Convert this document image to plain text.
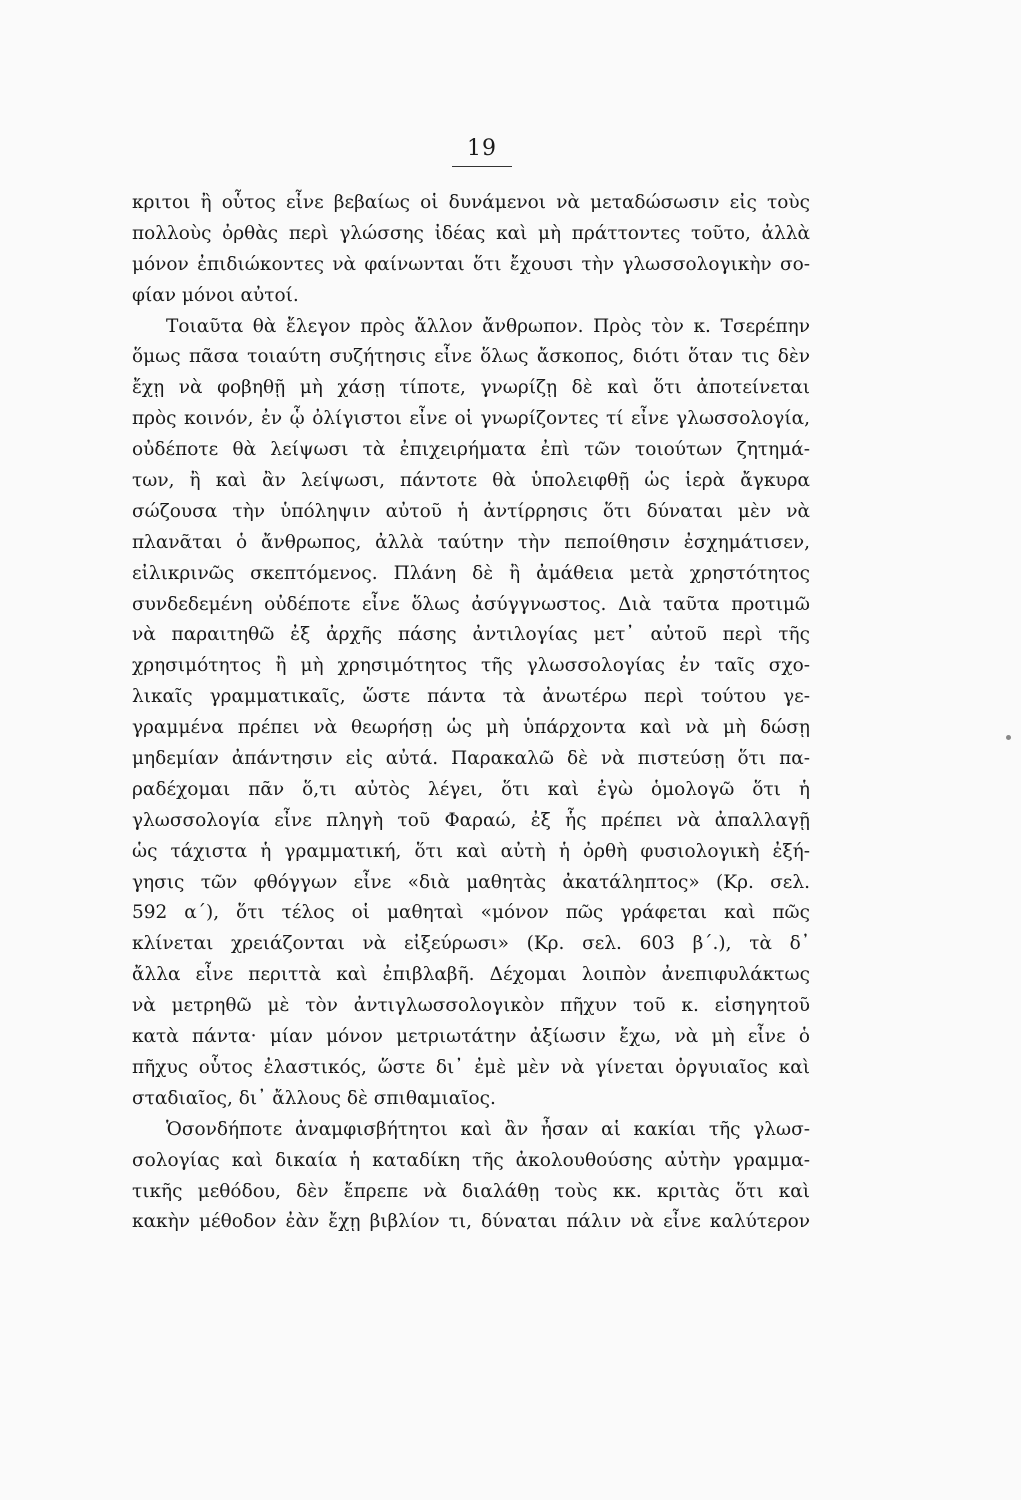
19
κριτοι ἢ οὗτος εἶνε βεβαίως οἱ δυνάμενοι νὰ μεταδώσωσιν εἰς τοὺς
πολλοὺς ὀρθὰς περὶ γλώσσης ἰδέας καὶ μὴ πράττοντες τοῦτο, ἀλλὰ
μόνον ἐπιδιώκοντες νὰ φαίνωνται ὅτι ἔχουσι τὴν γλωσσολογικὴν σο-
φίαν μόνοι αὐτοί.
Τοιαῦτα θὰ ἔλεγον πρὸς ἄλλον ἄνθρωπον. Πρὸς τὸν κ. Τσερέπην
ὅμως πᾶσα τοιαύτη συζήτησις εἶνε ὅλως ἄσκοπος, διότι ὅταν τις δὲν
ἔχῃ νὰ φοβηθῇ μὴ χάσῃ τίποτε, γνωρίζῃ δὲ καὶ ὅτι ἀποτείνεται
πρὸς κοινόν, ἐν ᾧ ὀλίγιστοι εἶνε οἱ γνωρίζοντες τί εἶνε γλωσσολογία,
οὐδέποτε θὰ λείψωσι τὰ ἐπιχειρήματα ἐπὶ τῶν τοιούτων ζητημά-
των, ἢ καὶ ἂν λείψωσι, πάντοτε θὰ ὑπολειφθῇ ὡς ἱερὰ ἄγκυρα
σώζουσα τὴν ὑπόληψιν αὐτοῦ ἡ ἀντίρρησις ὅτι δύναται μὲν νὰ
πλανᾶται ὁ ἄνθρωπος, ἀλλὰ ταύτην τὴν πεποίθησιν ἐσχημάτισεν,
εἰλικρινῶς σκεπτόμενος. Πλάνη δὲ ἢ ἀμάθεια μετὰ χρηστότητος
συνδεδεμένη οὐδέποτε εἶνε ὅλως ἀσύγγνωστος. Διὰ ταῦτα προτιμῶ
νὰ παραιτηθῶ ἐξ ἀρχῆς πάσης ἀντιλογίας μετ᾽ αὐτοῦ περὶ τῆς
χρησιμότητος ἢ μὴ χρησιμότητος τῆς γλωσσολογίας ἐν ταῖς σχο-
λικαῖς γραμματικαῖς, ὥστε πάντα τὰ ἀνωτέρω περὶ τούτου γε-
γραμμένα πρέπει νὰ θεωρήσῃ ὡς μὴ ὑπάρχοντα καὶ νὰ μὴ δώσῃ
μηδεμίαν ἀπάντησιν εἰς αὐτά. Παρακαλῶ δὲ νὰ πιστεύσῃ ὅτι πα-
ραδέχομαι πᾶν ὅ,τι αὐτὸς λέγει, ὅτι καὶ ἐγὼ ὁμολογῶ ὅτι ἡ
γλωσσολογία εἶνε πληγὴ τοῦ Φαραώ, ἐξ ἧς πρέπει νὰ ἀπαλλαγῇ
ὡς τάχιστα ἡ γραμματική, ὅτι καὶ αὐτὴ ἡ ὀρθὴ φυσιολογικὴ ἐξή-
γησις τῶν φθόγγων εἶνε «διὰ μαθητὰς ἀκατάληπτος» (Κρ. σελ.
592 α΄), ὅτι τέλος οἱ μαθηταὶ «μόνον πῶς γράφεται καὶ πῶς
κλίνεται χρειάζονται νὰ εἰξεύρωσι» (Κρ. σελ. 603 β΄.), τὰ δ᾽
ἄλλα εἶνε περιττὰ καὶ ἐπιβλαβῆ. Δέχομαι λοιπὸν ἀνεπιφυλάκτως
νὰ μετρηθῶ μὲ τὸν ἀντιγλωσσολογικὸν πῆχυν τοῦ κ. εἰσηγητοῦ
κατὰ πάντα· μίαν μόνον μετριωτάτην ἀξίωσιν ἔχω, νὰ μὴ εἶνε ὁ
πῆχυς οὗτος ἐλαστικός, ὥστε δι᾽ ἐμὲ μὲν νὰ γίνεται ὀργυιαῖος καὶ
σταδιαῖος, δι᾽ ἄλλους δὲ σπιθαμιαῖος.
Ὁσονδήποτε ἀναμφισβήτητοι καὶ ἂν ἦσαν αἱ κακίαι τῆς γλωσ-
σολογίας καὶ δικαία ἡ καταδίκη τῆς ἀκολουθούσης αὐτὴν γραμμα-
τικῆς μεθόδου, δὲν ἔπρεπε νὰ διαλάθῃ τοὺς κκ. κριτὰς ὅτι καὶ
κακὴν μέθοδον ἐὰν ἔχῃ βιβλίον τι, δύναται πάλιν νὰ εἶνε καλύτερον
